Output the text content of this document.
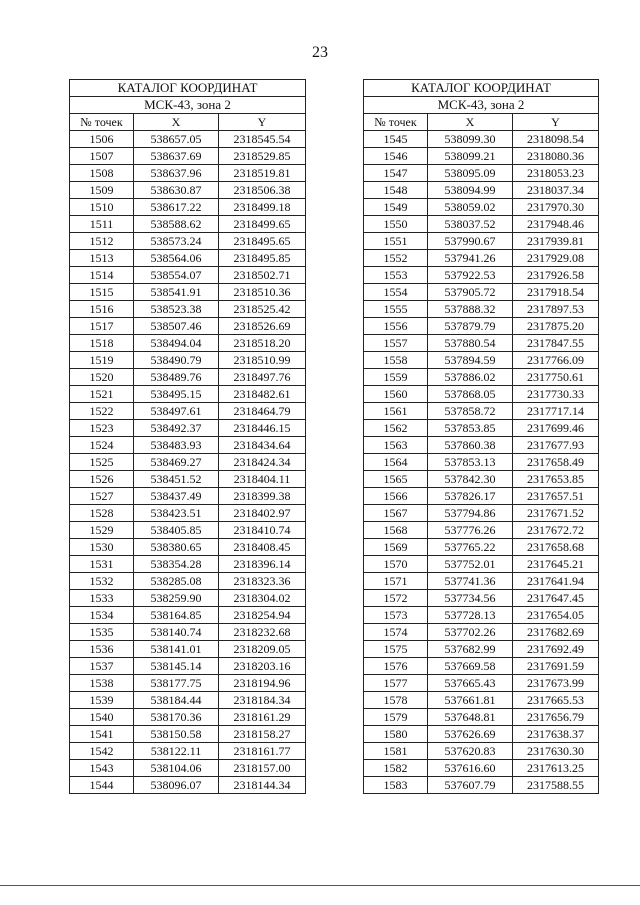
23
КАТАЛОГ КООРДИНАТ		
МСК-43, зона 2		
№ точек	X	Y
1506	538657.05	2318545.54
1507	538637.69	2318529.85
1508	538637.96	2318519.81
1509	538630.87	2318506.38
1510	538617.22	2318499.18
1511	538588.62	2318499.65
1512	538573.24	2318495.65
1513	538564.06	2318495.85
1514	538554.07	2318502.71
1515	538541.91	2318510.36
1516	538523.38	2318525.42
1517	538507.46	2318526.69
1518	538494.04	2318518.20
1519	538490.79	2318510.99
1520	538489.76	2318497.76
1521	538495.15	2318482.61
1522	538497.61	2318464.79
1523	538492.37	2318446.15
1524	538483.93	2318434.64
1525	538469.27	2318424.34
1526	538451.52	2318404.11
1527	538437.49	2318399.38
1528	538423.51	2318402.97
1529	538405.85	2318410.74
1530	538380.65	2318408.45
1531	538354.28	2318396.14
1532	538285.08	2318323.36
1533	538259.90	2318304.02
1534	538164.85	2318254.94
1535	538140.74	2318232.68
1536	538141.01	2318209.05
1537	538145.14	2318203.16
1538	538177.75	2318194.96
1539	538184.44	2318184.34
1540	538170.36	2318161.29
1541	538150.58	2318158.27
1542	538122.11	2318161.77
1543	538104.06	2318157.00
1544	538096.07	2318144.34
КАТАЛОГ КООРДИНАТ		
МСК-43, зона 2		
№ точек	X	Y
1545	538099.30	2318098.54
1546	538099.21	2318080.36
1547	538095.09	2318053.23
1548	538094.99	2318037.34
1549	538059.02	2317970.30
1550	538037.52	2317948.46
1551	537990.67	2317939.81
1552	537941.26	2317929.08
1553	537922.53	2317926.58
1554	537905.72	2317918.54
1555	537888.32	2317897.53
1556	537879.79	2317875.20
1557	537880.54	2317847.55
1558	537894.59	2317766.09
1559	537886.02	2317750.61
1560	537868.05	2317730.33
1561	537858.72	2317717.14
1562	537853.85	2317699.46
1563	537860.38	2317677.93
1564	537853.13	2317658.49
1565	537842.30	2317653.85
1566	537826.17	2317657.51
1567	537794.86	2317671.52
1568	537776.26	2317672.72
1569	537765.22	2317658.68
1570	537752.01	2317645.21
1571	537741.36	2317641.94
1572	537734.56	2317647.45
1573	537728.13	2317654.05
1574	537702.26	2317682.69
1575	537682.99	2317692.49
1576	537669.58	2317691.59
1577	537665.43	2317673.99
1578	537661.81	2317665.53
1579	537648.81	2317656.79
1580	537626.69	2317638.37
1581	537620.83	2317630.30
1582	537616.60	2317613.25
1583	537607.79	2317588.55
